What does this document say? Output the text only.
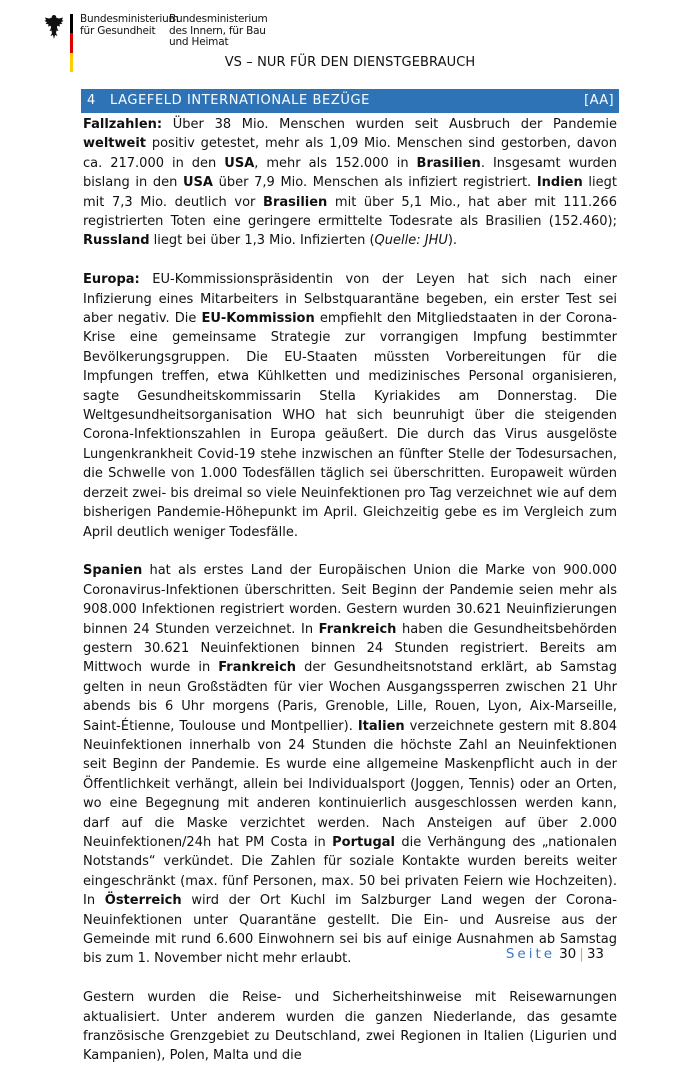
Bundesministerium
für Gesundheit
Bundesministerium
des Innern, für Bau
und Heimat
VS – NUR FÜR DEN DIENSTGEBRAUCH
4 LAGEFELD INTERNATIONALE BEZÜGE	[AA]

Fallzahlen: Über 38 Mio. Menschen wurden seit Ausbruch der Pandemie weltweit positiv getestet, mehr als 1,09 Mio. Menschen sind gestorben, davon ca. 217.000 in den USA, mehr als 152.000 in Brasilien. Insgesamt wurden bislang in den USA über 7,9 Mio. Menschen als infiziert registriert. Indien liegt mit 7,3 Mio. deutlich vor Brasilien mit über 5,1 Mio., hat aber mit 111.266 registrierten Toten eine geringere ermittelte Todesrate als Brasilien (152.460); Russland liegt bei über 1,3 Mio. Infizierten (Quelle: JHU).

Europa: EU-Kommissionspräsidentin von der Leyen hat sich nach einer Infizierung eines Mitarbeiters in Selbstquarantäne begeben, ein erster Test sei aber negativ. Die EU-Kommission empfiehlt den Mitgliedstaaten in der Corona-Krise eine gemeinsame Strategie zur vorrangigen Impfung bestimmter Bevölkerungsgruppen. Die EU-Staaten müssten Vorbereitungen für die Impfungen treffen, etwa Kühlketten und medizinisches Personal organisieren, sagte Gesundheitskommissarin Stella Kyriakides am Donnerstag. Die Weltgesundheitsorganisation WHO hat sich beunruhigt über die steigenden Corona-Infektionszahlen in Europa geäußert. Die durch das Virus ausgelöste Lungenkrankheit Covid-19 stehe inzwischen an fünfter Stelle der Todesursachen, die Schwelle von 1.000 Todesfällen täglich sei überschritten. Europaweit würden derzeit zwei- bis dreimal so viele Neuinfektionen pro Tag verzeichnet wie auf dem bisherigen Pandemie-Höhepunkt im April. Gleichzeitig gebe es im Vergleich zum April deutlich weniger Todesfälle.

Spanien hat als erstes Land der Europäischen Union die Marke von 900.000 Coronavirus-Infektionen überschritten. Seit Beginn der Pandemie seien mehr als 908.000 Infektionen registriert worden. Gestern wurden 30.621 Neuinfizierungen binnen 24 Stunden verzeichnet. In Frankreich haben die Gesundheitsbehörden gestern 30.621 Neuinfektionen binnen 24 Stunden registriert. Bereits am Mittwoch wurde in Frankreich der Gesundheitsnotstand erklärt, ab Samstag gelten in neun Großstädten für vier Wochen Ausgangssperren zwischen 21 Uhr abends bis 6 Uhr morgens (Paris, Grenoble, Lille, Rouen, Lyon, Aix-Marseille, Saint-Étienne, Toulouse und Montpellier). Italien verzeichnete gestern mit 8.804 Neuinfektionen innerhalb von 24 Stunden die höchste Zahl an Neuinfektionen seit Beginn der Pandemie. Es wurde eine allgemeine Maskenpflicht auch in der Öffentlichkeit verhängt, allein bei Individualsport (Joggen, Tennis) oder an Orten, wo eine Begegnung mit anderen kontinuierlich ausgeschlossen werden kann, darf auf die Maske verzichtet werden. Nach Ansteigen auf über 2.000 Neuinfektionen/24h hat PM Costa in Portugal die Verhängung des „nationalen Notstands“ verkündet. Die Zahlen für soziale Kontakte wurden bereits weiter eingeschränkt (max. fünf Personen, max. 50 bei privaten Feiern wie Hochzeiten). In Österreich wird der Ort Kuchl im Salzburger Land wegen der Corona-Neuinfektionen unter Quarantäne gestellt. Die Ein- und Ausreise aus der Gemeinde mit rund 6.600 Einwohnern sei bis auf einige Ausnahmen ab Samstag bis zum 1. November nicht mehr erlaubt.

Gestern wurden die Reise- und Sicherheitshinweise mit Reisewarnungen aktualisiert. Unter anderem wurden die ganzen Niederlande, das gesamte französische Grenzgebiet zu Deutschland, zwei Regionen in Italien (Ligurien und Kampanien), Polen, Malta und die

Seite 30 | 33
